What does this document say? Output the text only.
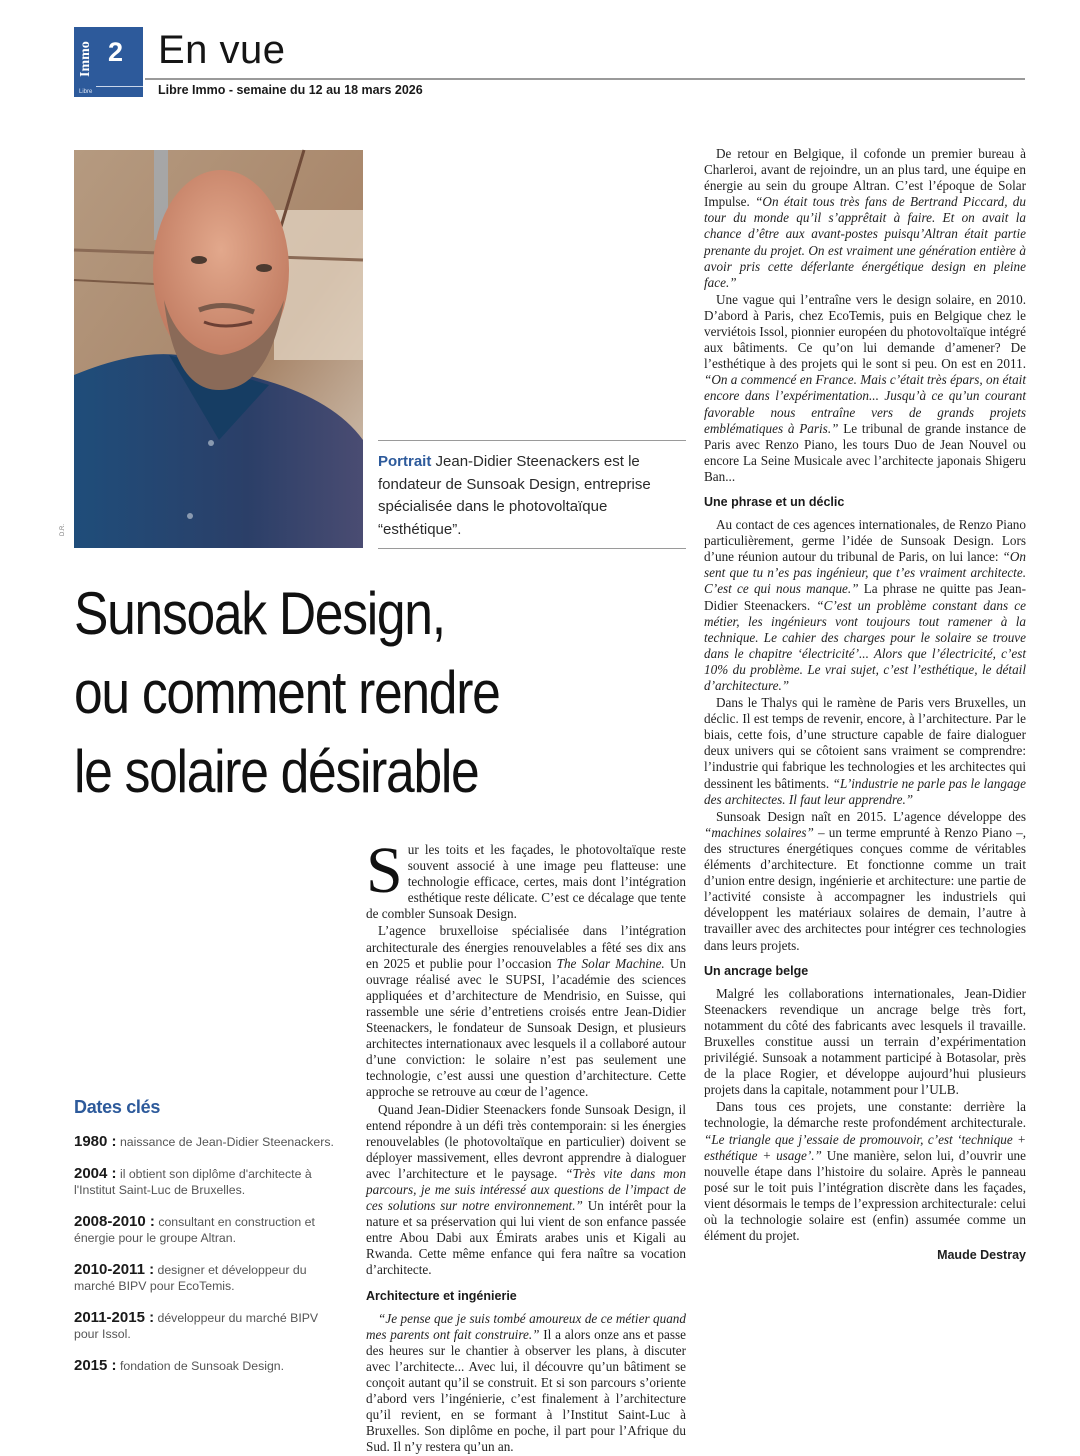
Immo 2
Libre
En vue
Libre Immo - semaine du 12 au 18 mars 2026
D.R.
Portrait Jean-Didier Steenackers est le fondateur de Sunsoak Design, entreprise spécialisée dans le photovoltaïque “esthétique”.
Sunsoak Design,
ou comment rendre
le solaire désirable
Dates clés
1980 : naissance de Jean-Didier Steenackers.
2004 : il obtient son diplôme d'architecte à l'Institut Saint-Luc de Bruxelles.
2008-2010 : consultant en construction et énergie pour le groupe Altran.
2010-2011 : designer et développeur du marché BIPV pour EcoTemis.
2011-2015 : développeur du marché BIPV pour Issol.
2015 : fondation de Sunsoak Design.

Sur les toits et les façades, le photovoltaïque reste souvent associé à une image peu flatteuse: une technologie efficace, certes, mais dont l’intégration esthétique reste délicate. C’est ce décalage que tente de combler Sunsoak Design.

L’agence bruxelloise spécialisée dans l’intégration architecturale des énergies renouvelables a fêté ses dix ans en 2025 et publie pour l’occasion The Solar Machine. Un ouvrage réalisé avec le SUPSI, l’académie des sciences appliquées et d’architecture de Mendrisio, en Suisse, qui rassemble une série d’entretiens croisés entre Jean-Didier Steenackers, le fondateur de Sunsoak Design, et plusieurs architectes internationaux avec lesquels il a collaboré autour d’une conviction: le solaire n’est pas seulement une technologie, c’est aussi une question d’architecture. Cette approche se retrouve au cœur de l’agence.

Quand Jean-Didier Steenackers fonde Sunsoak Design, il entend répondre à un défi très contemporain: si les énergies renouvelables (le photovoltaïque en particulier) doivent se déployer massivement, elles devront apprendre à dialoguer avec l’architecture et le paysage. “Très vite dans mon parcours, je me suis intéressé aux questions de l’impact de ces solutions sur notre environnement.” Un intérêt pour la nature et sa préservation qui lui vient de son enfance passée entre Abou Dabi aux Émirats arabes unis et Kigali au Rwanda. Cette même enfance qui fera naître sa vocation d’architecte.

Architecture et ingénierie

“Je pense que je suis tombé amoureux de ce métier quand mes parents ont fait construire.” Il a alors onze ans et passe des heures sur le chantier à observer les plans, à discuter avec l’architecte... Avec lui, il découvre qu’un bâtiment se conçoit autant qu’il se construit. Et si son parcours s’oriente d’abord vers l’ingénierie, c’est finalement à l’architecture qu’il revient, en se formant à l’Institut Saint-Luc à Bruxelles. Son diplôme en poche, il part pour l’Afrique du Sud. Il n’y restera qu’un an.

De retour en Belgique, il cofonde un premier bureau à Charleroi, avant de rejoindre, un an plus tard, une équipe en énergie au sein du groupe Altran. C’est l’époque de Solar Impulse. “On était tous très fans de Bertrand Piccard, du tour du monde qu’il s’apprêtait à faire. Et on avait la chance d’être aux avant-postes puisqu’Altran était partie prenante du projet. On est vraiment une génération entière à avoir pris cette déferlante énergétique design en pleine face.”

Une vague qui l’entraîne vers le design solaire, en 2010. D’abord à Paris, chez EcoTemis, puis en Belgique chez le verviétois Issol, pionnier européen du photovoltaïque intégré aux bâtiments. Ce qu’on lui demande d’amener? De l’esthétique à des projets qui le sont si peu. On est en 2011. “On a commencé en France. Mais c’était très épars, on était encore dans l’expérimentation... Jusqu’à ce qu’un courant favorable nous entraîne vers de grands projets emblématiques à Paris.” Le tribunal de grande instance de Paris avec Renzo Piano, les tours Duo de Jean Nouvel ou encore La Seine Musicale avec l’architecte japonais Shigeru Ban...

Une phrase et un déclic

Au contact de ces agences internationales, de Renzo Piano particulièrement, germe l’idée de Sunsoak Design. Lors d’une réunion autour du tribunal de Paris, on lui lance: “On sent que tu n’es pas ingénieur, que t’es vraiment architecte. C’est ce qui nous manque.” La phrase ne quitte pas Jean-Didier Steenackers. “C’est un problème constant dans ce métier, les ingénieurs vont toujours tout ramener à la technique. Le cahier des charges pour le solaire se trouve dans le chapitre ‘électricité’... Alors que l’électricité, c’est 10% du problème. Le vrai sujet, c’est l’esthétique, le détail d’architecture.”

Dans le Thalys qui le ramène de Paris vers Bruxelles, un déclic. Il est temps de revenir, encore, à l’architecture. Par le biais, cette fois, d’une structure capable de faire dialoguer deux univers qui se côtoient sans vraiment se comprendre: l’industrie qui fabrique les technologies et les architectes qui dessinent les bâtiments. “L’industrie ne parle pas le langage des architectes. Il faut leur apprendre.”

Sunsoak Design naît en 2015. L’agence développe des “machines solaires” – un terme emprunté à Renzo Piano –, des structures énergétiques conçues comme de véritables éléments d’architecture. Et fonctionne comme un trait d’union entre design, ingénierie et architecture: une partie de l’activité consiste à accompagner les industriels qui développent les matériaux solaires de demain, l’autre à travailler avec des architectes pour intégrer ces technologies dans leurs projets.

Un ancrage belge

Malgré les collaborations internationales, Jean-Didier Steenackers revendique un ancrage belge très fort, notamment du côté des fabricants avec lesquels il travaille. Bruxelles constitue aussi un terrain d’expérimentation privilégié. Sunsoak a notamment participé à Botasolar, près de la place Rogier, et développe aujourd’hui plusieurs projets dans la capitale, notamment pour l’ULB.

Dans tous ces projets, une constante: derrière la technologie, la démarche reste profondément architecturale. “Le triangle que j’essaie de promouvoir, c’est ‘technique + esthétique + usage’.” Une manière, selon lui, d’ouvrir une nouvelle étape dans l’histoire du solaire. Après le panneau posé sur le toit puis l’intégration discrète dans les façades, vient désormais le temps de l’expression architecturale: celui où la technologie solaire est (enfin) assumée comme un élément du projet.

Maude Destray
